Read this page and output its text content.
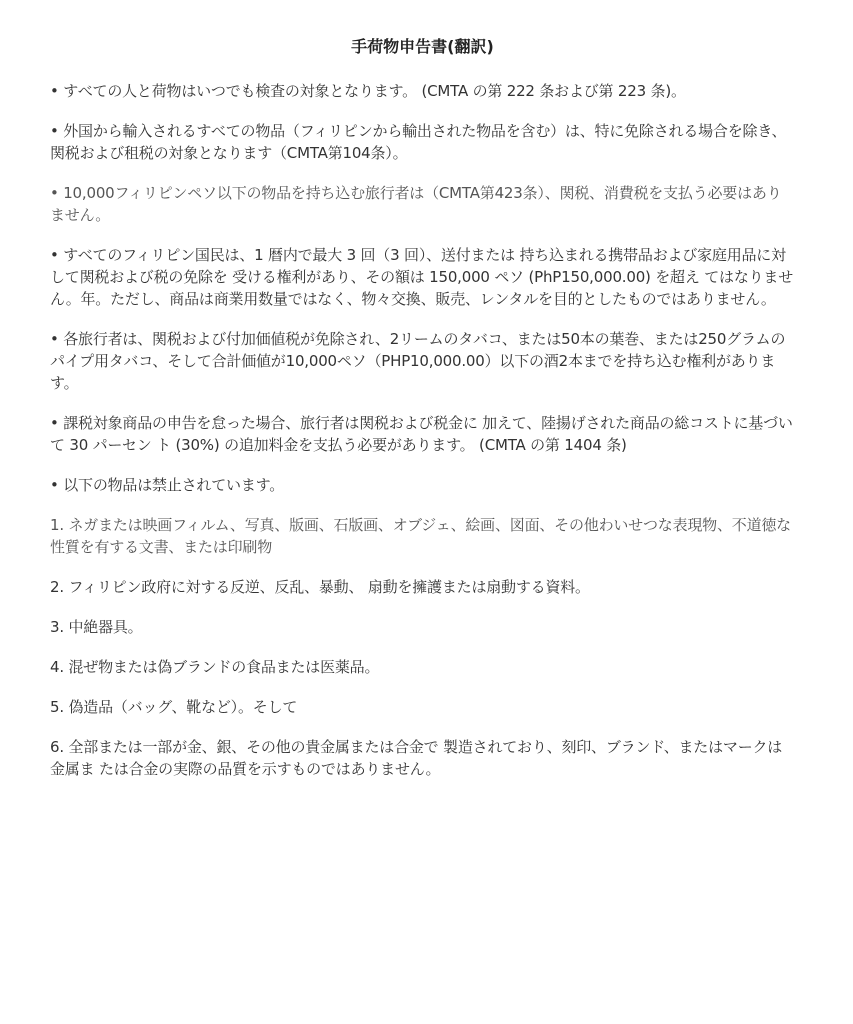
手荷物申告書(翻訳)

• すべての人と荷物はいつでも検査の対象となります。 (CMTA の第 222 条および第 223 条)。

• 外国から輸入されるすべての物品（フィリピンから輸出された物品を含む）は、特に免除される場合を除き、関税および租税の対象となります（CMTA第104条）。

• 10,000フィリピンペソ以下の物品を持ち込む旅行者は（CMTA第423条）、関税、消費税を支払う必要はありません。

• すべてのフィリピン国民は、1 暦内で最大 3 回（3 回）、送付または 持ち込まれる携帯品および家庭用品に対して関税および税の免除を 受ける権利があり、その額は 150,000 ペソ (PhP150,000.00) を超え てはなりません。年。ただし、商品は商業用数量ではなく、物々交換、販売、レンタルを目的としたものではありません。

• 各旅行者は、関税および付加価値税が免除され、2リームのタバコ、または50本の葉巻、または250グラムのパイプ用タバコ、そして合計価値が10,000ペソ（PHP10,000.00）以下の酒2本までを持ち込む権利があります。

• 課税対象商品の申告を怠った場合、旅行者は関税および税金に 加えて、陸揚げされた商品の総コストに基づいて 30 パーセン ト (30%) の追加料金を支払う必要があります。 (CMTA の第 1404 条)

• 以下の物品は禁止されています。

1. ネガまたは映画フィルム、写真、版画、石版画、オブジェ、絵画、図面、その他わいせつな表現物、不道徳な性質を有する文書、または印刷物

2. フィリピン政府に対する反逆、反乱、暴動、 扇動を擁護または扇動する資料。

3. 中絶器具。

4. 混ぜ物または偽ブランドの食品または医薬品。

5. 偽造品（バッグ、靴など）。そして

6. 全部または一部が金、銀、その他の貴金属または合金で 製造されており、刻印、ブランド、またはマークは金属ま たは合金の実際の品質を示すものではありません。
